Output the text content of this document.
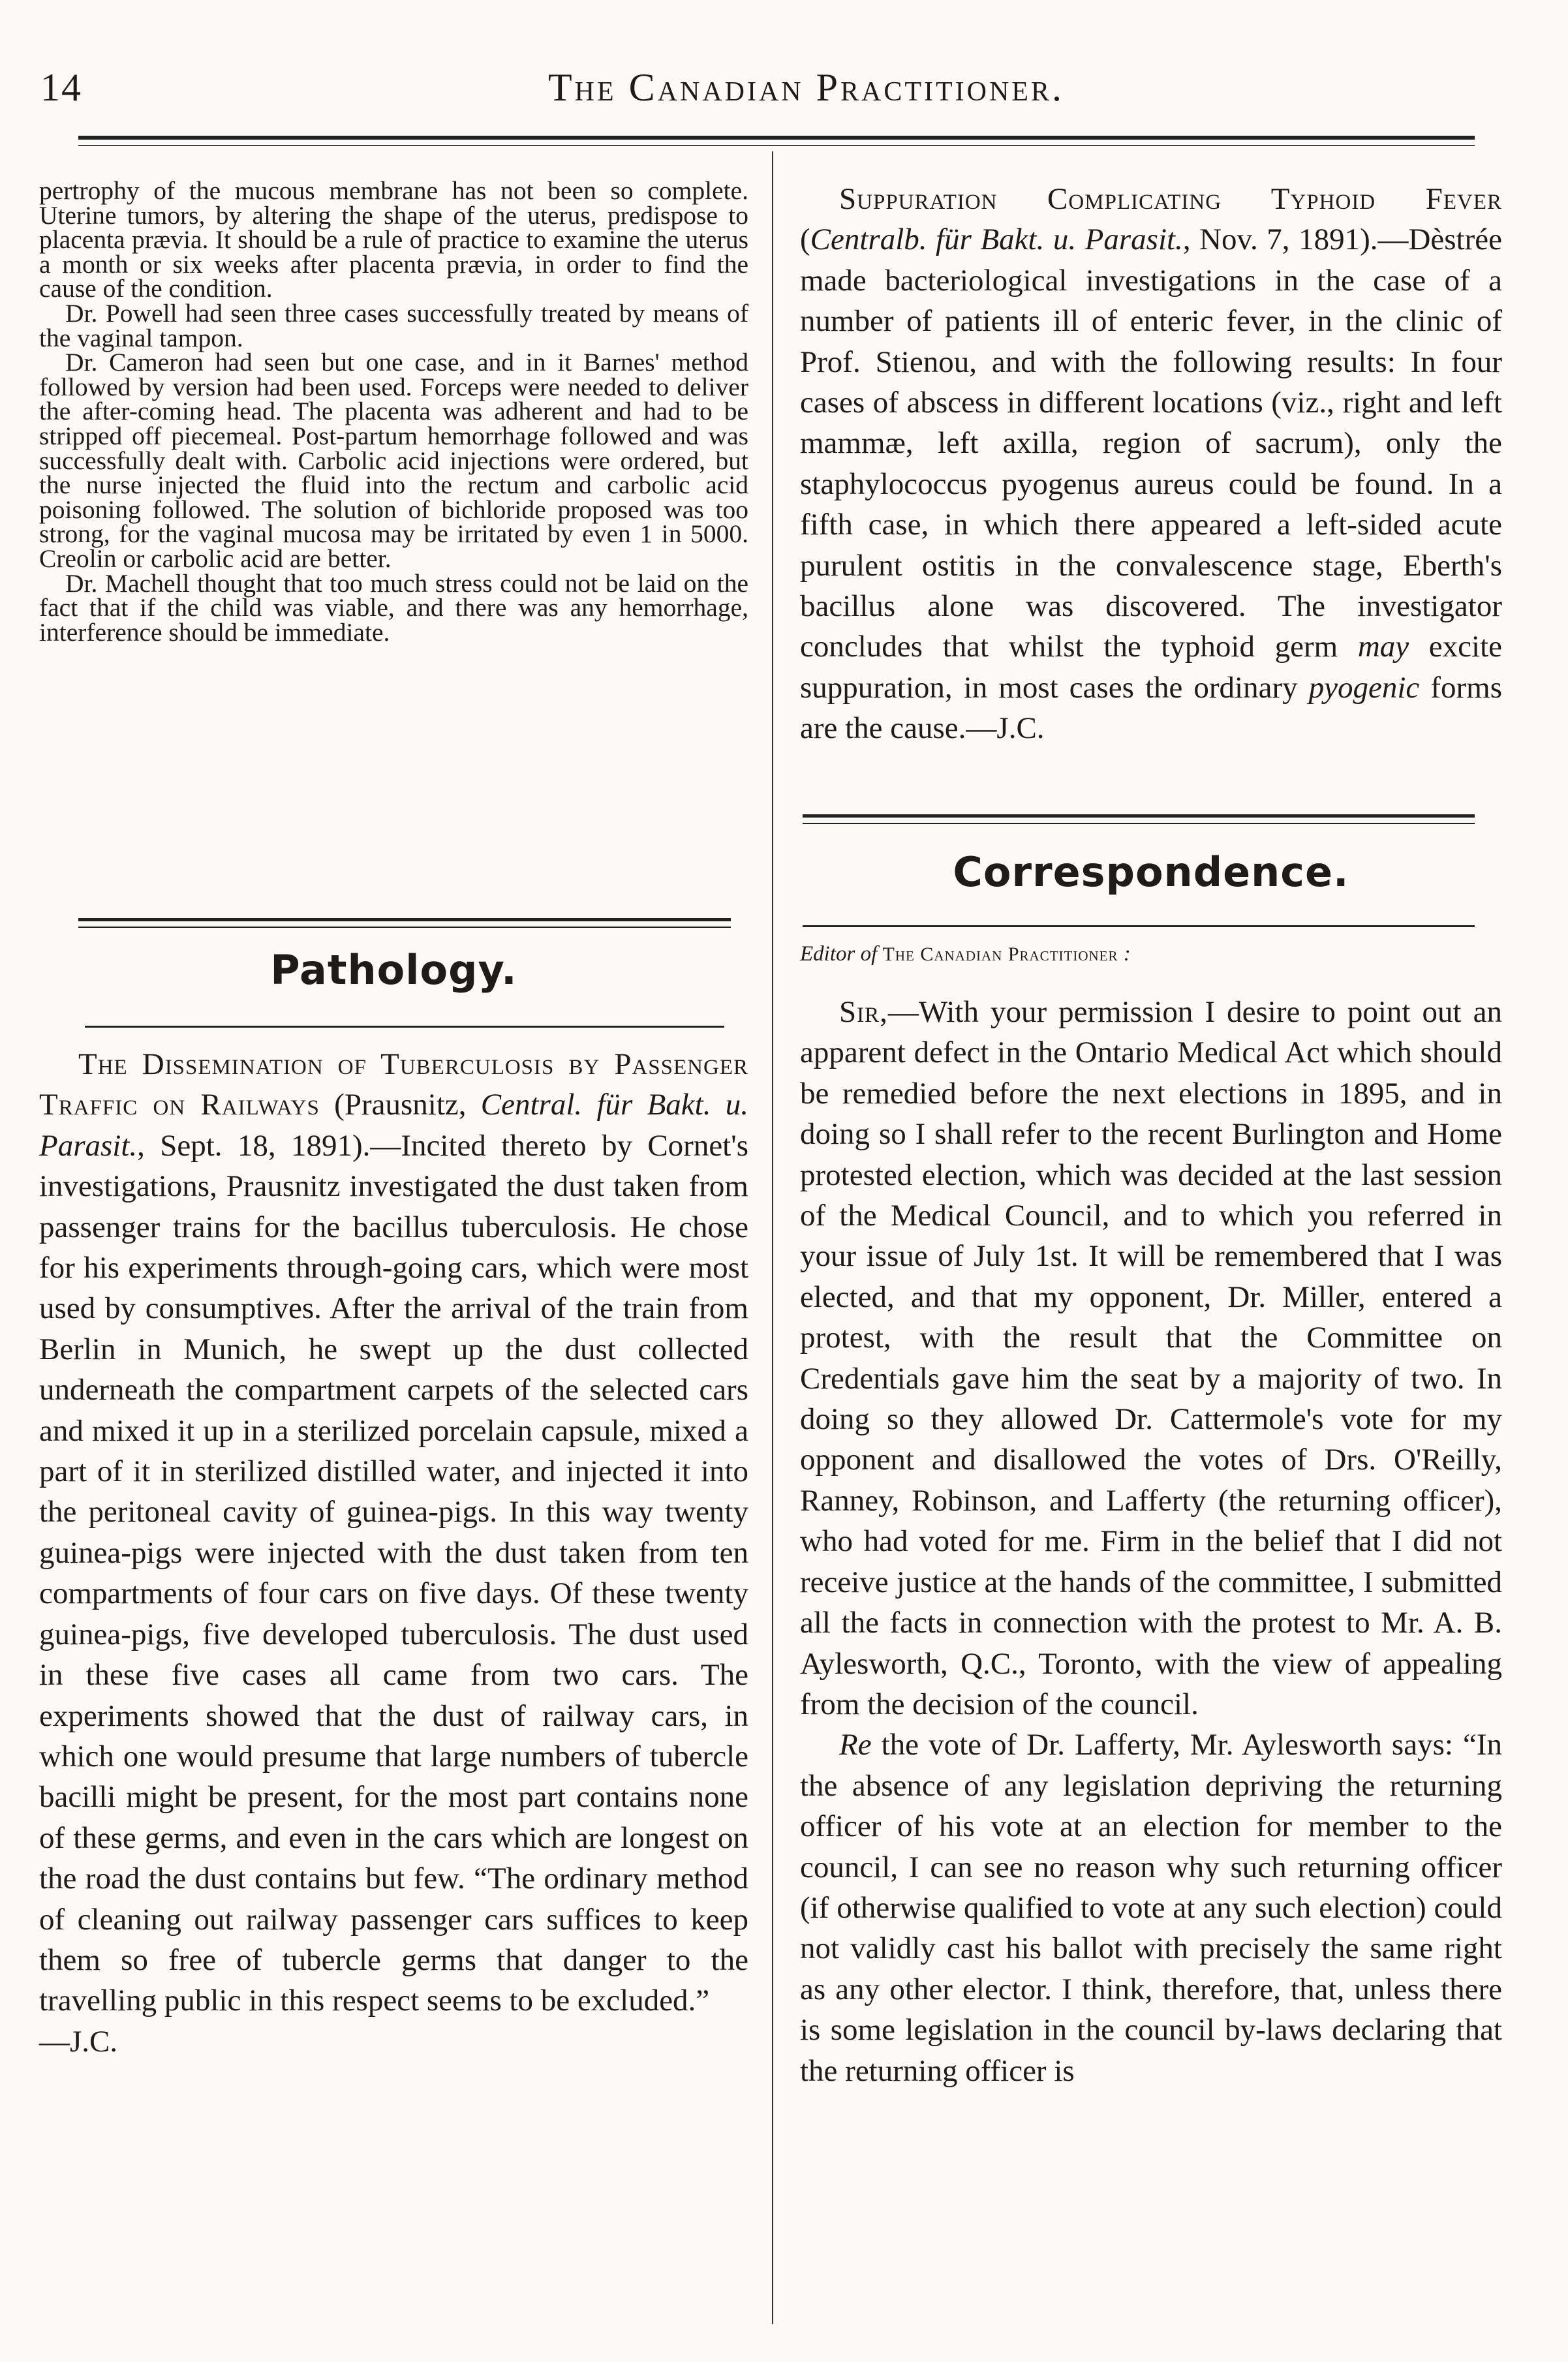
14	The Canadian Practitioner.

pertrophy of the mucous membrane has not been so complete. Uterine tumors, by altering the shape of the uterus, predispose to placenta prævia. It should be a rule of practice to examine the uterus a month or six weeks after placenta prævia, in order to find the cause of the condition.

Dr. Powell had seen three cases successfully treated by means of the vaginal tampon.

Dr. Cameron had seen but one case, and in it Barnes' method followed by version had been used. Forceps were needed to deliver the after-coming head. The placenta was adherent and had to be stripped off piecemeal. Post-partum hemorrhage followed and was successfully dealt with. Carbolic acid injections were ordered, but the nurse injected the fluid into the rectum and carbolic acid poisoning followed. The solution of bichloride proposed was too strong, for the vaginal mucosa may be irritated by even 1 in 5000. Creolin or carbolic acid are better.

Dr. Machell thought that too much stress could not be laid on the fact that if the child was viable, and there was any hemorrhage, interference should be immediate.

Pathology.

The Dissemination of Tuberculosis by Passenger Traffic on Railways (Prausnitz, Central. für Bakt. u. Parasit., Sept. 18, 1891).—Incited thereto by Cornet's investigations, Prausnitz investigated the dust taken from passenger trains for the bacillus tuberculosis. He chose for his experiments through-going cars, which were most used by consumptives. After the arrival of the train from Berlin in Munich, he swept up the dust collected underneath the compartment carpets of the selected cars and mixed it up in a sterilized porcelain capsule, mixed a part of it in sterilized distilled water, and injected it into the peritoneal cavity of guinea-pigs. In this way twenty guinea-pigs were injected with the dust taken from ten compartments of four cars on five days. Of these twenty guinea-pigs, five developed tuberculosis. The dust used in these five cases all came from two cars. The experiments showed that the dust of railway cars, in which one would presume that large numbers of tubercle bacilli might be present, for the most part contains none of these germs, and even in the cars which are longest on the road the dust contains but few. “The ordinary method of cleaning out railway passenger cars suffices to keep them so free of tubercle germs that danger to the travelling public in this respect seems to be excluded.”

—J.C.

Suppuration Complicating Typhoid Fever (Centralb. für Bakt. u. Parasit., Nov. 7, 1891).—Dèstrée made bacteriological investigations in the case of a number of patients ill of enteric fever, in the clinic of Prof. Stienou, and with the following results: In four cases of abscess in different locations (viz., right and left mammæ, left axilla, region of sacrum), only the staphylococcus pyogenus aureus could be found. In a fifth case, in which there appeared a left-sided acute purulent ostitis in the convalescence stage, Eberth's bacillus alone was discovered. The investigator concludes that whilst the typhoid germ may excite suppuration, in most cases the ordinary pyogenic forms are the cause.—J.C.

Correspondence.

Editor of The Canadian Practitioner :

Sir,—With your permission I desire to point out an apparent defect in the Ontario Medical Act which should be remedied before the next elections in 1895, and in doing so I shall refer to the recent Burlington and Home protested election, which was decided at the last session of the Medical Council, and to which you referred in your issue of July 1st. It will be remembered that I was elected, and that my opponent, Dr. Miller, entered a protest, with the result that the Committee on Credentials gave him the seat by a majority of two. In doing so they allowed Dr. Cattermole's vote for my opponent and disallowed the votes of Drs. O'Reilly, Ranney, Robinson, and Lafferty (the returning officer), who had voted for me. Firm in the belief that I did not receive justice at the hands of the committee, I submitted all the facts in connection with the protest to Mr. A. B. Aylesworth, Q.C., Toronto, with the view of appealing from the decision of the council.

Re the vote of Dr. Lafferty, Mr. Aylesworth says: “In the absence of any legislation depriving the returning officer of his vote at an election for member to the council, I can see no reason why such returning officer (if otherwise qualified to vote at any such election) could not validly cast his ballot with precisely the same right as any other elector. I think, therefore, that, unless there is some legislation in the council by-laws declaring that the returning officer is
